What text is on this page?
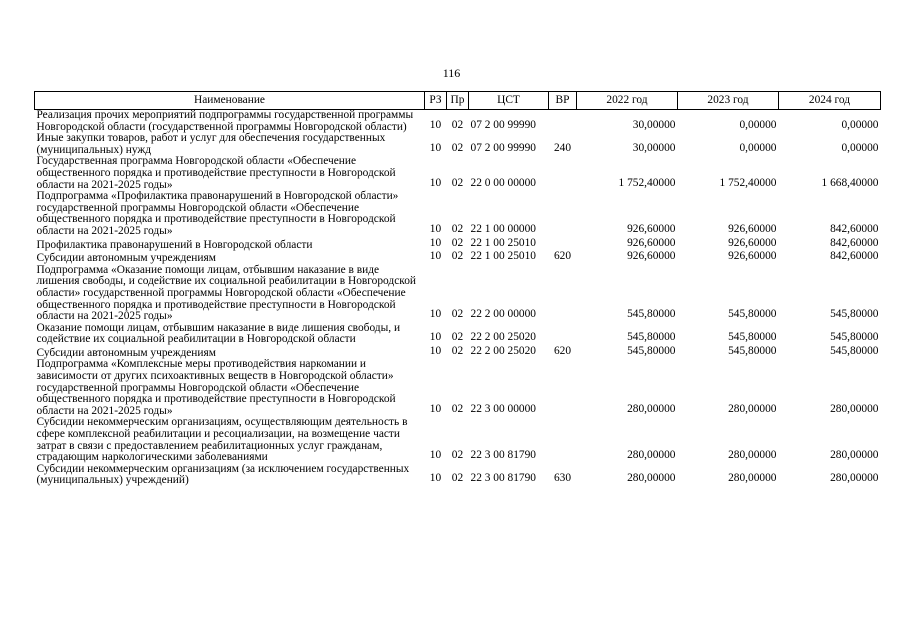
116
Наименование	РЗ	Пр	ЦСТ	ВР	2022 год	2023 год	2024 год
Реализация прочих мероприятий подпрограммы государственной программы Новгородской области (государственной программы Новгородской области)	10	02	07 2 00 99990		30,00000	0,00000	0,00000
Иные закупки товаров, работ и услуг для обеспечения государственных (муниципальных) нужд	10	02	07 2 00 99990	240	30,00000	0,00000	0,00000
Государственная программа Новгородской области «Обеспечение общественного порядка и противодействие преступности в Новгородской области на 2021-2025 годы»	10	02	22 0 00 00000		1 752,40000	1 752,40000	1 668,40000
Подпрограмма «Профилактика правонарушений в Новгородской области» государственной программы Новгородской области «Обеспечение общественного порядка и противодействие преступности в Новгородской области на 2021-2025 годы»	10	02	22 1 00 00000		926,60000	926,60000	842,60000
Профилактика правонарушений в Новгородской области	10	02	22 1 00 25010		926,60000	926,60000	842,60000
Субсидии автономным учреждениям	10	02	22 1 00 25010	620	926,60000	926,60000	842,60000
Подпрограмма «Оказание помощи лицам, отбывшим наказание в виде лишения свободы, и содействие их социальной реабилитации в Новгородской области» государственной программы Новгородской области «Обеспечение общественного порядка и противодействие преступности в Новгородской области на 2021-2025 годы»	10	02	22 2 00 00000		545,80000	545,80000	545,80000
Оказание помощи лицам, отбывшим наказание в виде лишения свободы, и содействие их социальной реабилитации в Новгородской области	10	02	22 2 00 25020		545,80000	545,80000	545,80000
Субсидии автономным учреждениям	10	02	22 2 00 25020	620	545,80000	545,80000	545,80000
Подпрограмма «Комплексные меры противодействия наркомании и зависимости от других психоактивных веществ в Новгородской области» государственной программы Новгородской области «Обеспечение общественного порядка и противодействие преступности в Новгородской области на 2021-2025 годы»	10	02	22 3 00 00000		280,00000	280,00000	280,00000
Субсидии некоммерческим организациям, осуществляющим деятельность в сфере комплексной реабилитации и ресоциализации, на возмещение части затрат в связи с предоставлением реабилитационных услуг гражданам, страдающим наркологическими заболеваниями	10	02	22 3 00 81790		280,00000	280,00000	280,00000
Субсидии некоммерческим организациям (за исключением государственных (муниципальных) учреждений)	10	02	22 3 00 81790	630	280,00000	280,00000	280,00000
